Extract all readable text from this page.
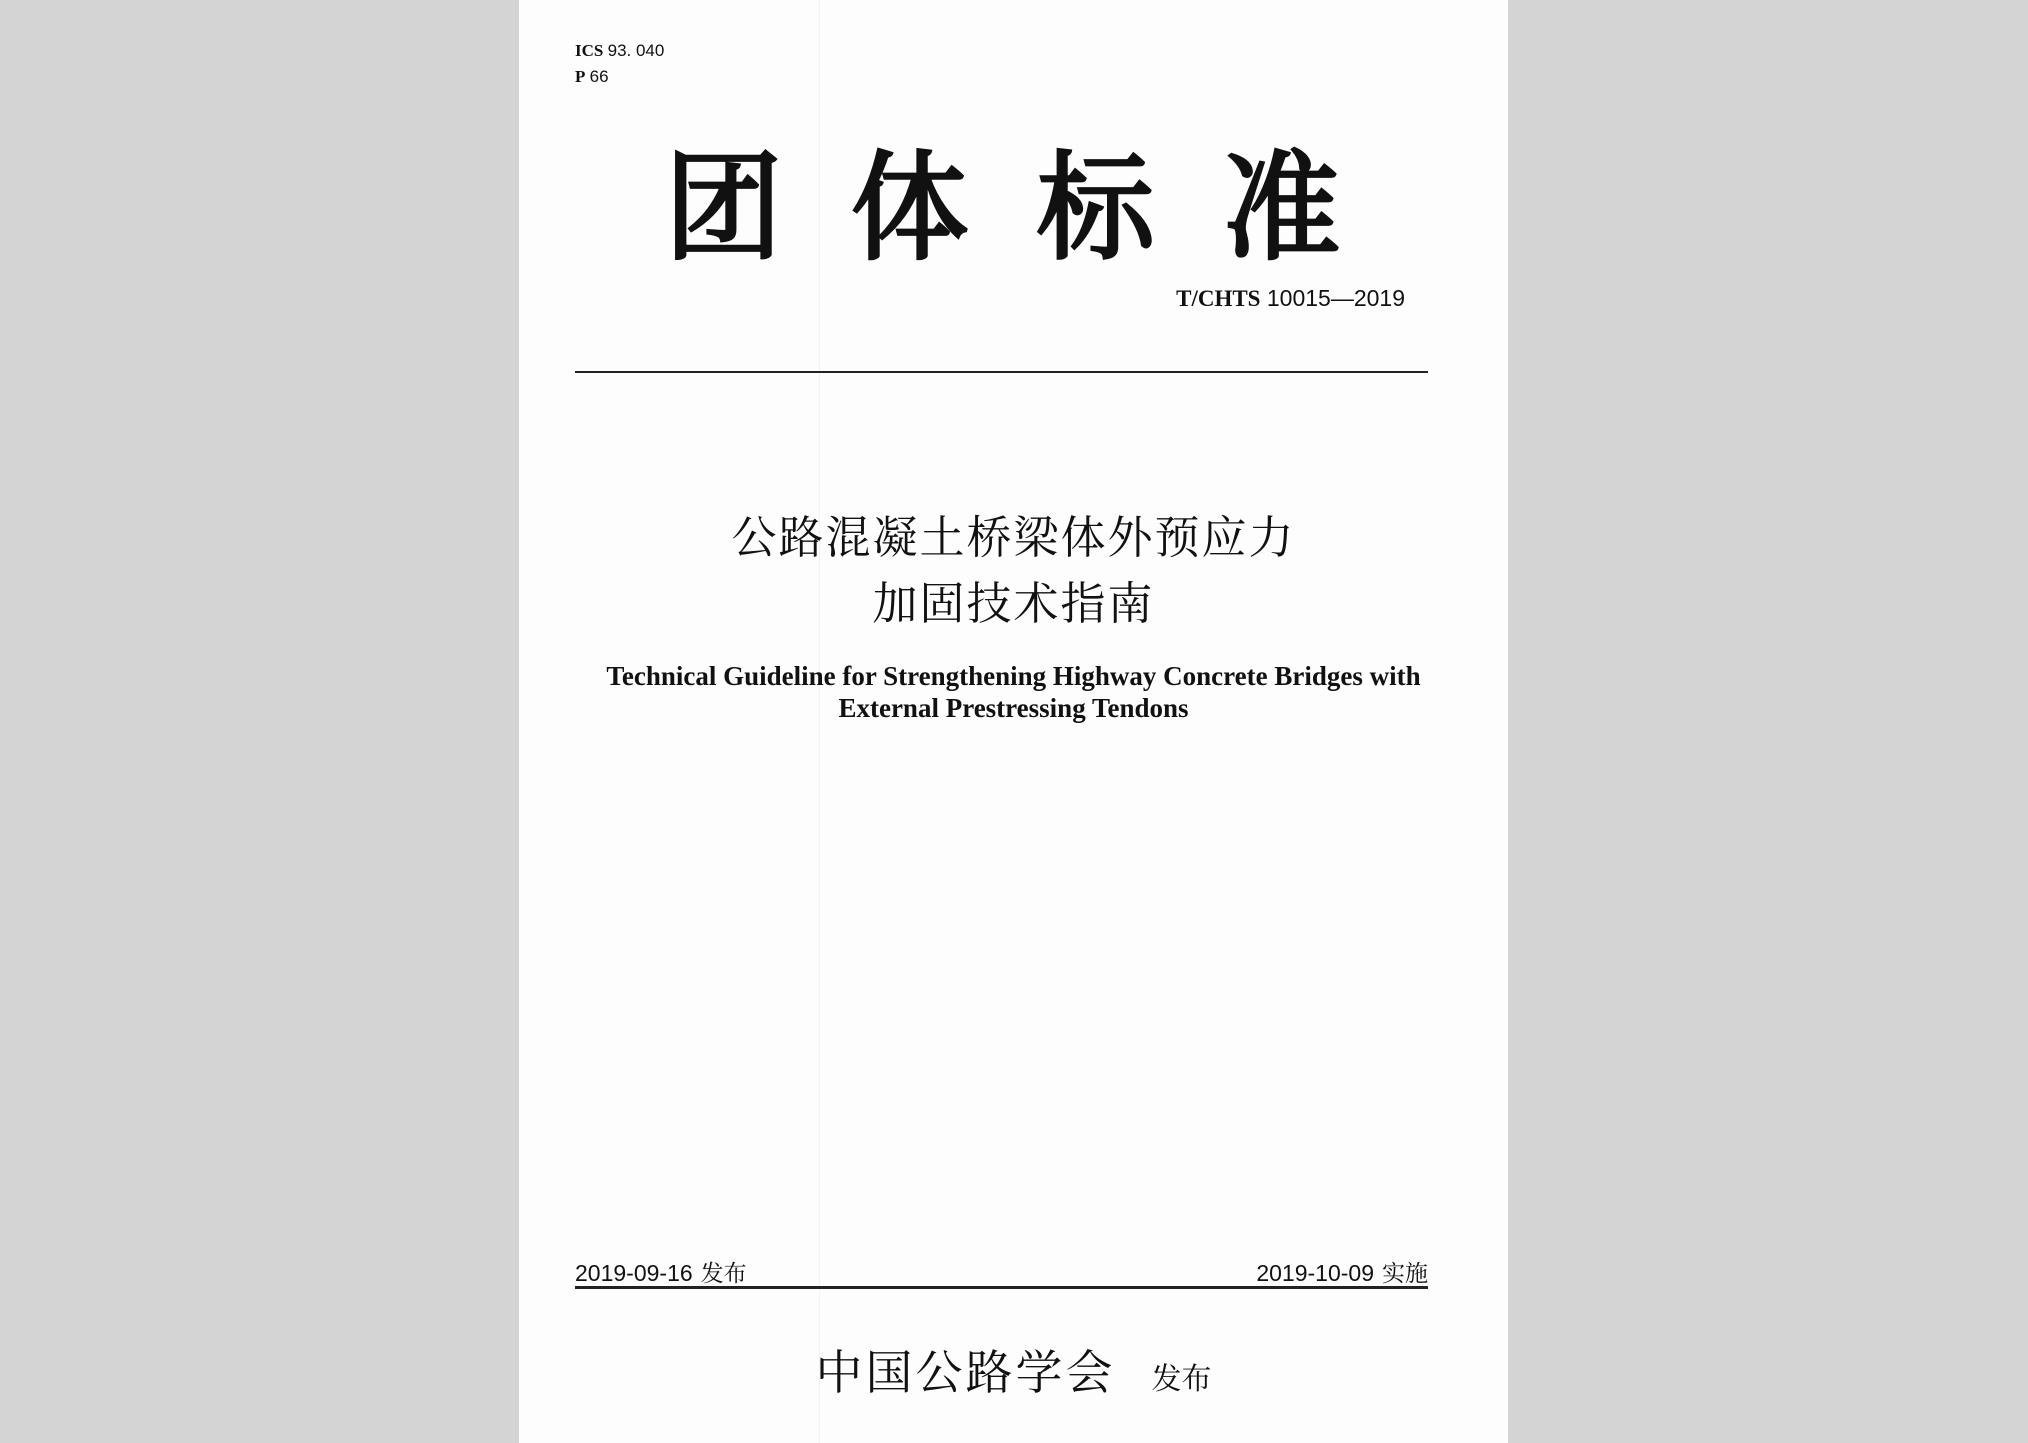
ICS 93. 040
P 66
团体标准
T/CHTS 10015—2019
公路混凝土桥梁体外预应力
加固技术指南
Technical Guideline for Strengthening Highway Concrete Bridges with
External Prestressing Tendons
2019-09-16 发布	2019-10-09 实施
中国公路学会 发布
